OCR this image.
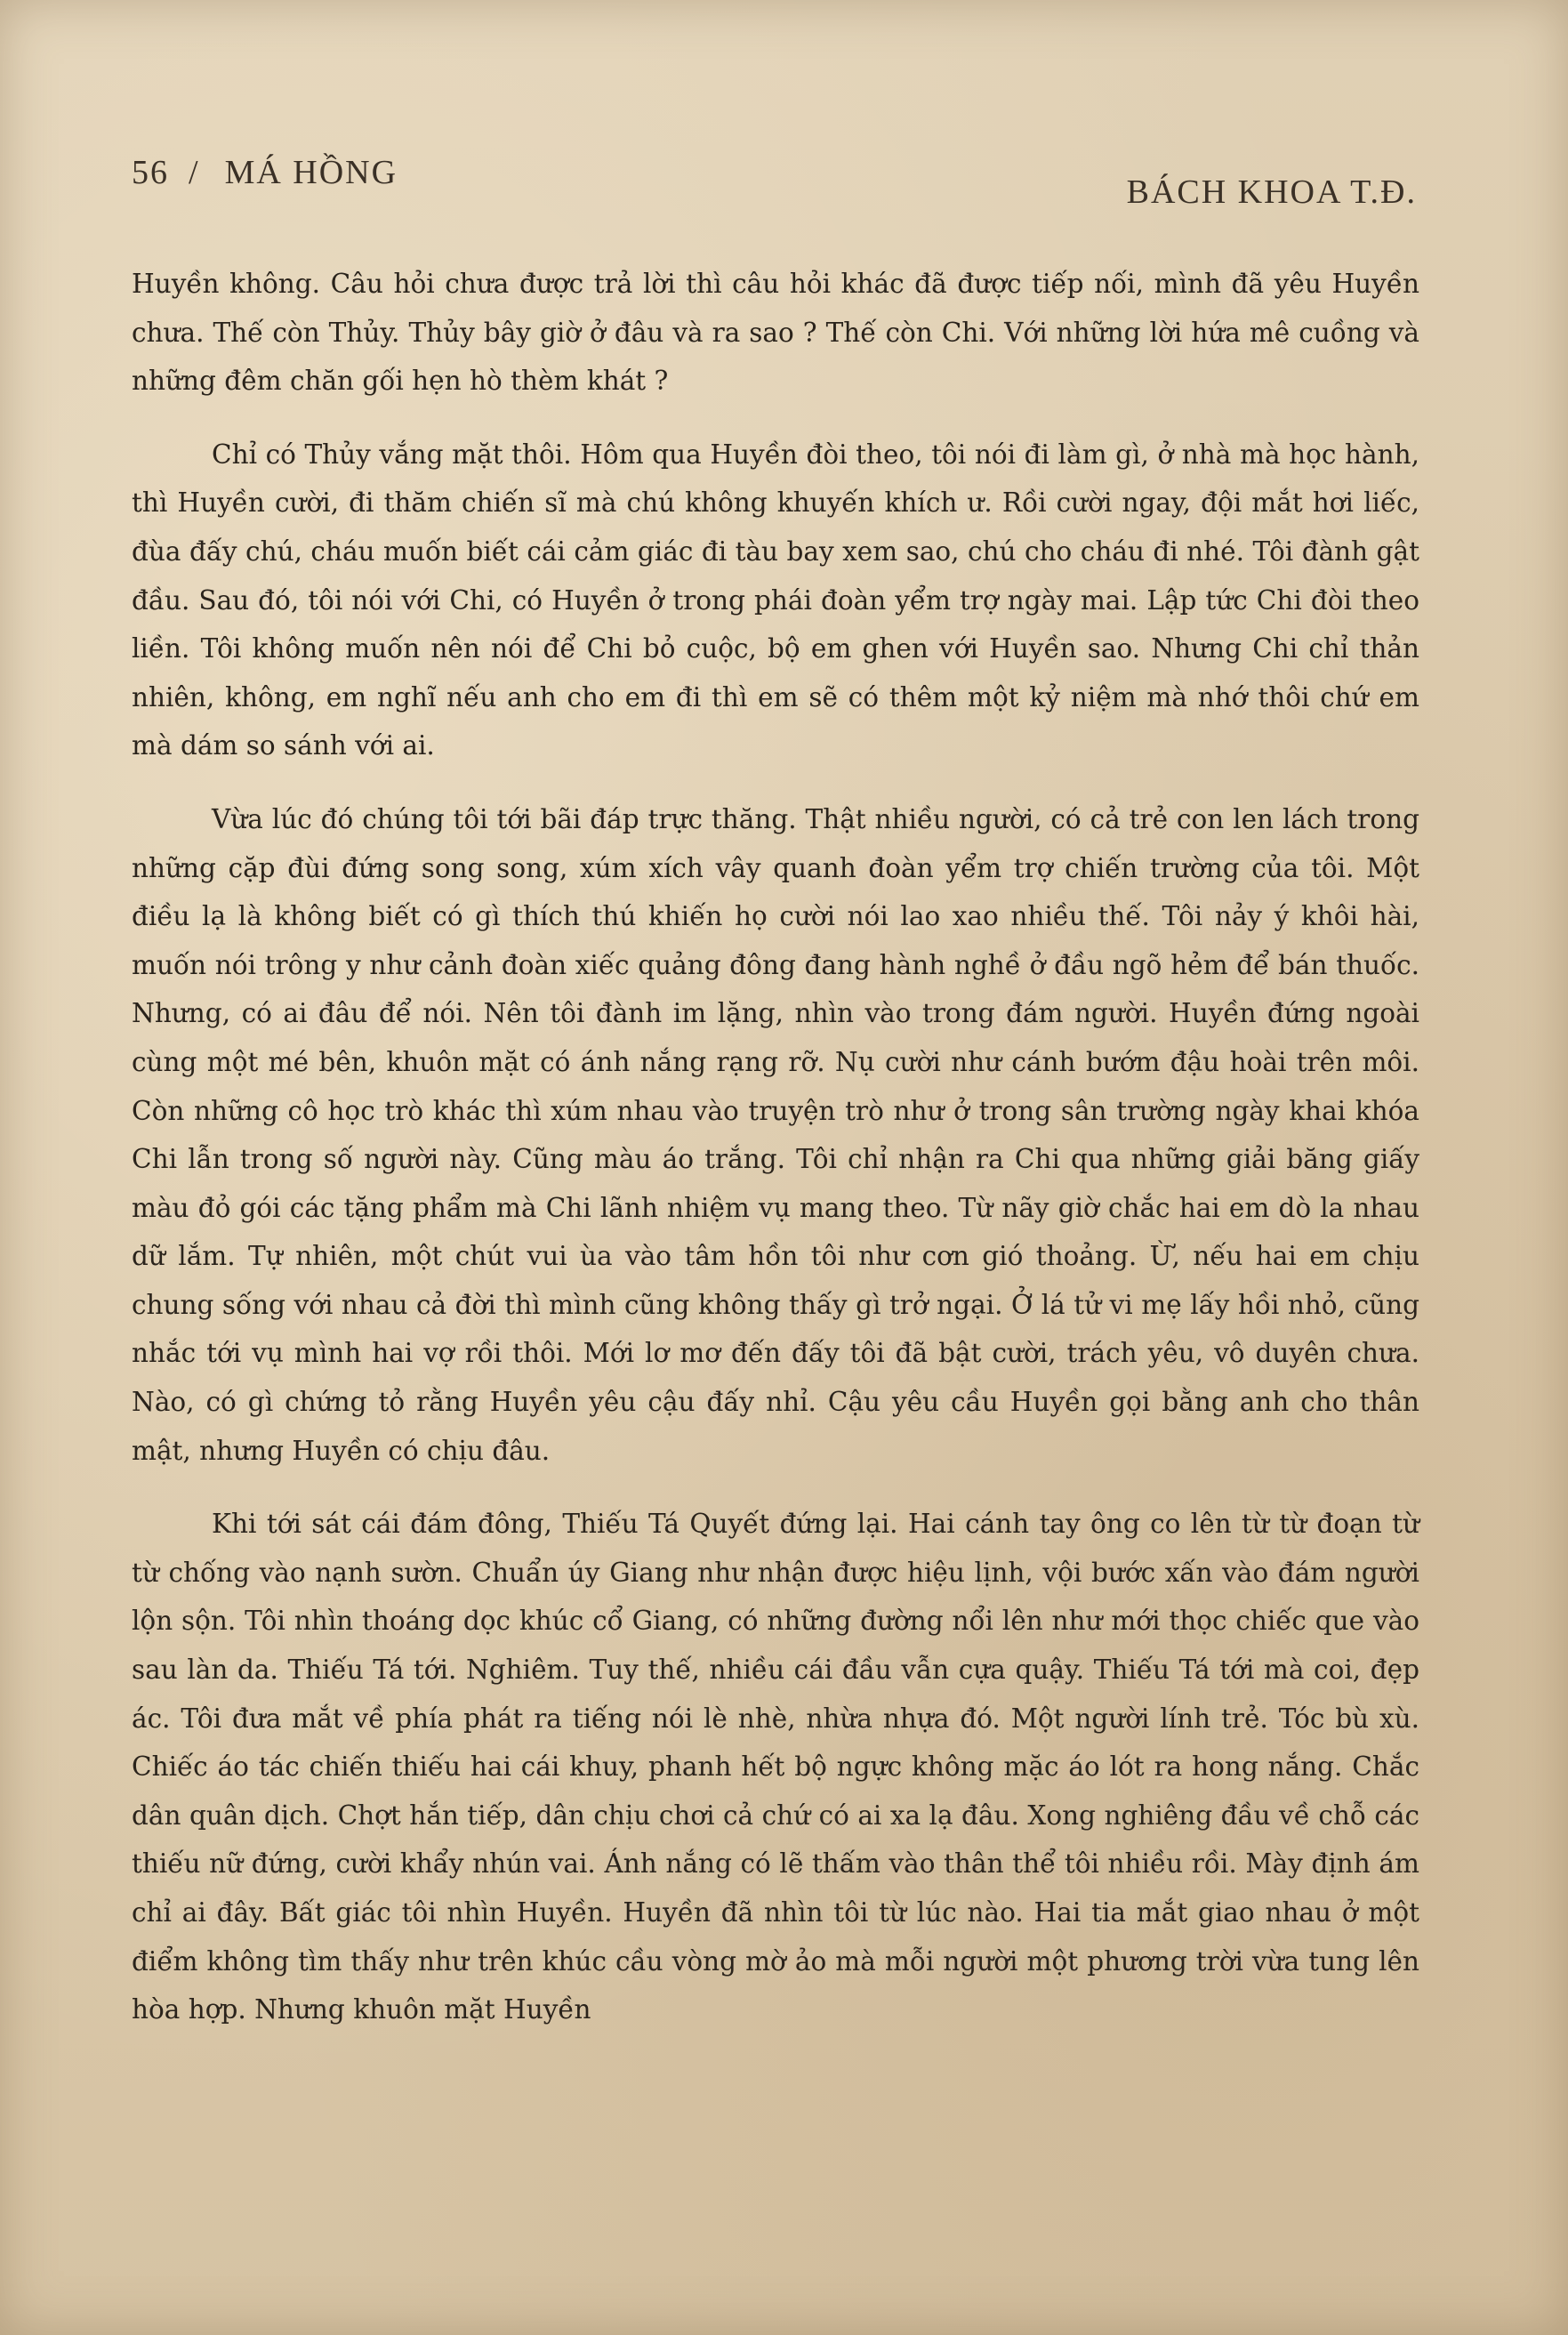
56 / MÁ HỒNG
BÁCH KHOA T.Đ.

Huyền không. Câu hỏi chưa được trả lời thì câu hỏi khác đã được tiếp nối, mình đã yêu Huyền chưa. Thế còn Thủy. Thủy bây giờ ở đâu và ra sao ? Thế còn Chi. Với những lời hứa mê cuồng và những đêm chăn gối hẹn hò thèm khát ?

Chỉ có Thủy vắng mặt thôi. Hôm qua Huyền đòi theo, tôi nói đi làm gì, ở nhà mà học hành, thì Huyền cười, đi thăm chiến sĩ mà chú không khuyến khích ư. Rồi cười ngay, đội mắt hơi liếc, đùa đấy chú, cháu muốn biết cái cảm giác đi tàu bay xem sao, chú cho cháu đi nhé. Tôi đành gật đầu. Sau đó, tôi nói với Chi, có Huyền ở trong phái đoàn yểm trợ ngày mai. Lập tức Chi đòi theo liền. Tôi không muốn nên nói để Chi bỏ cuộc, bộ em ghen với Huyền sao. Nhưng Chi chỉ thản nhiên, không, em nghĩ nếu anh cho em đi thì em sẽ có thêm một kỷ niệm mà nhớ thôi chứ em mà dám so sánh với ai.

Vừa lúc đó chúng tôi tới bãi đáp trực thăng. Thật nhiều người, có cả trẻ con len lách trong những cặp đùi đứng song song, xúm xích vây quanh đoàn yểm trợ chiến trường của tôi. Một điều lạ là không biết có gì thích thú khiến họ cười nói lao xao nhiều thế. Tôi nảy ý khôi hài, muốn nói trông y như cảnh đoàn xiếc quảng đông đang hành nghề ở đầu ngõ hẻm để bán thuốc. Nhưng, có ai đâu để nói. Nên tôi đành im lặng, nhìn vào trong đám người. Huyền đứng ngoài cùng một mé bên, khuôn mặt có ánh nắng rạng rỡ. Nụ cười như cánh bướm đậu hoài trên môi. Còn những cô học trò khác thì xúm nhau vào truyện trò như ở trong sân trường ngày khai khóa Chi lẫn trong số người này. Cũng màu áo trắng. Tôi chỉ nhận ra Chi qua những giải băng giấy màu đỏ gói các tặng phẩm mà Chi lãnh nhiệm vụ mang theo. Từ nãy giờ chắc hai em dò la nhau dữ lắm. Tự nhiên, một chút vui ùa vào tâm hồn tôi như cơn gió thoảng. Ừ, nếu hai em chịu chung sống với nhau cả đời thì mình cũng không thấy gì trở ngại. Ở lá tử vi mẹ lấy hồi nhỏ, cũng nhắc tới vụ mình hai vợ rồi thôi. Mới lơ mơ đến đấy tôi đã bật cười, trách yêu, vô duyên chưa. Nào, có gì chứng tỏ rằng Huyền yêu cậu đấy nhỉ. Cậu yêu cầu Huyền gọi bằng anh cho thân mật, nhưng Huyền có chịu đâu.

Khi tới sát cái đám đông, Thiếu Tá Quyết đứng lại. Hai cánh tay ông co lên từ từ đoạn từ từ chống vào nạnh sườn. Chuẩn úy Giang như nhận được hiệu lịnh, vội bước xấn vào đám người lộn sộn. Tôi nhìn thoáng dọc khúc cổ Giang, có những đường nổi lên như mới thọc chiếc que vào sau làn da. Thiếu Tá tới. Nghiêm. Tuy thế, nhiều cái đầu vẫn cựa quậy. Thiếu Tá tới mà coi, đẹp ác. Tôi đưa mắt về phía phát ra tiếng nói lè nhè, nhừa nhựa đó. Một người lính trẻ. Tóc bù xù. Chiếc áo tác chiến thiếu hai cái khuy, phanh hết bộ ngực không mặc áo lót ra hong nắng. Chắc dân quân dịch. Chợt hắn tiếp, dân chịu chơi cả chứ có ai xa lạ đâu. Xong nghiêng đầu về chỗ các thiếu nữ đứng, cười khẩy nhún vai. Ánh nắng có lẽ thấm vào thân thể tôi nhiều rồi. Mày định ám chỉ ai đây. Bất giác tôi nhìn Huyền. Huyền đã nhìn tôi từ lúc nào. Hai tia mắt giao nhau ở một điểm không tìm thấy như trên khúc cầu vòng mờ ảo mà mỗi người một phương trời vừa tung lên hòa hợp. Nhưng khuôn mặt Huyền
